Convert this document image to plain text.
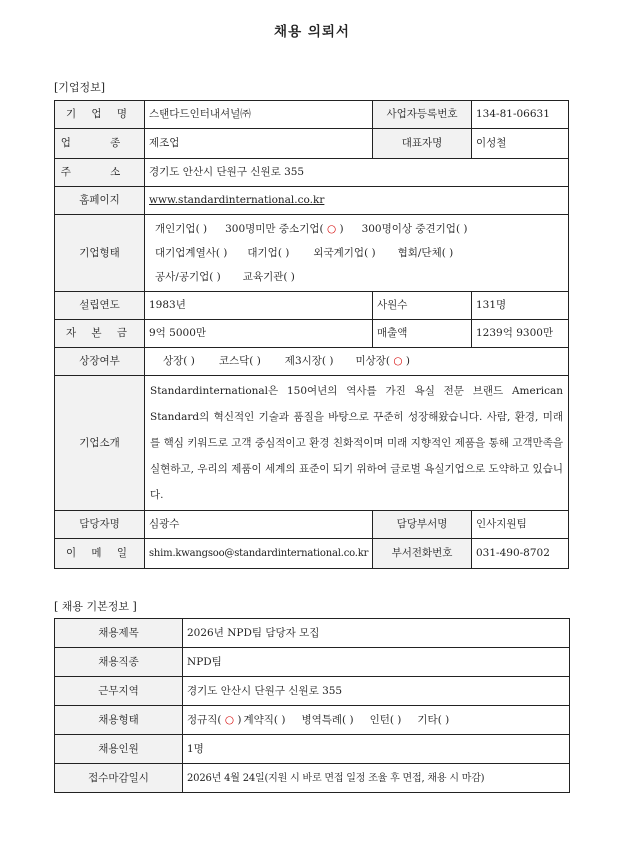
채용 의뢰서
[기업정보]
기 업 명	스탠다드인터내셔널㈜	사업자등록번호	134-81-06631
업 종	제조업	대표자명	이성철
주 소	경기도 안산시 단원구 신원로 355		
홈페이지	www.standardinternational.co.kr		
기업형태	개인기업( ) 300명미만 중소기업( ○ ) 300명이상 중견기업( )
대기업계열사( ) 대기업( ) 외국계기업( ) 협회/단체( )
공사/공기업( ) 교육기관( )		

설립연도	1983년	사원수	131명
자 본 금	9억 5000만	매출액	1239억 9300만
상장여부	상장( ) 코스닥( ) 제3시장( ) 미상장( ○ )		
기업소개	Standardinternational은 150여년의 역사를 가진 욕실 전문 브랜드 American Standard의 혁신적인 기술과 품질을 바탕으로 꾸준히 성장해왔습니다. 사람, 환경, 미래를 핵심 키워드로 고객 중심적이고 환경 친화적이며 미래 지향적인 제품을 통해 고객만족을 실현하고, 우리의 제품이 세계의 표준이 되기 위하여 글로벌 욕실기업으로 도약하고 있습니다.		
담당자명	심광수	담당부서명	인사지원팀
이 메 일	shim.kwangsoo@standardinternational.co.kr	부서전화번호	031-490-8702
[ 채용 기본정보 ]
채용제목	2026년 NPD팀 담당자 모집
채용직종	NPD팀
근무지역	경기도 안산시 단원구 신원로 355
채용형태	정규직( ○ ) 계약직( ) 병역특례( ) 인턴( ) 기타( )
채용인원	1명
접수마감일시	2026년 4월 24일(지원 시 바로 면접 일정 조율 후 면접, 채용 시 마감)
